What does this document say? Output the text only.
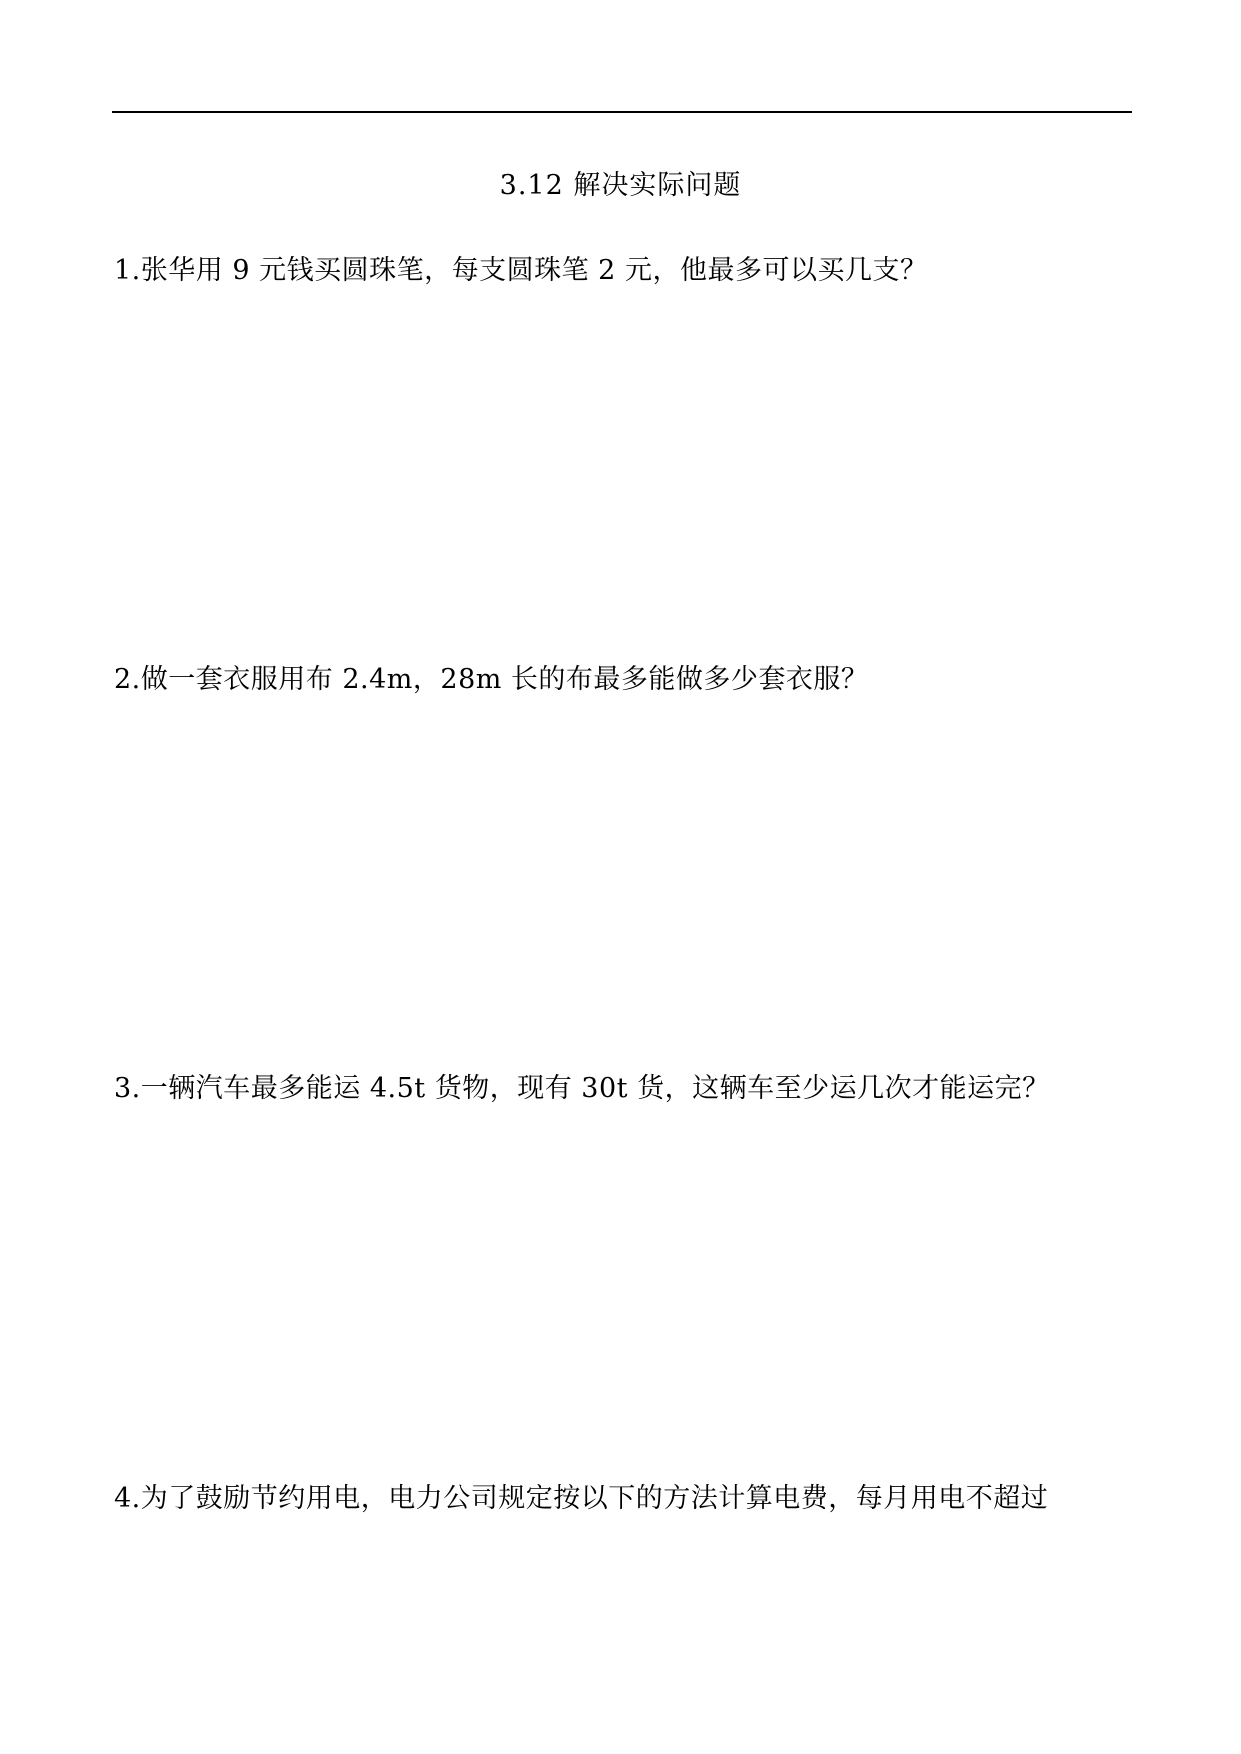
3.12 解决实际问题
1.张华用 9 元钱买圆珠笔，每支圆珠笔 2 元，他最多可以买几支？
2.做一套衣服用布 2.4m，28m 长的布最多能做多少套衣服？
3.一辆汽车最多能运 4.5t 货物，现有 30t 货，这辆车至少运几次才能运完？
4.为了鼓励节约用电，电力公司规定按以下的方法计算电费，每月用电不超过
